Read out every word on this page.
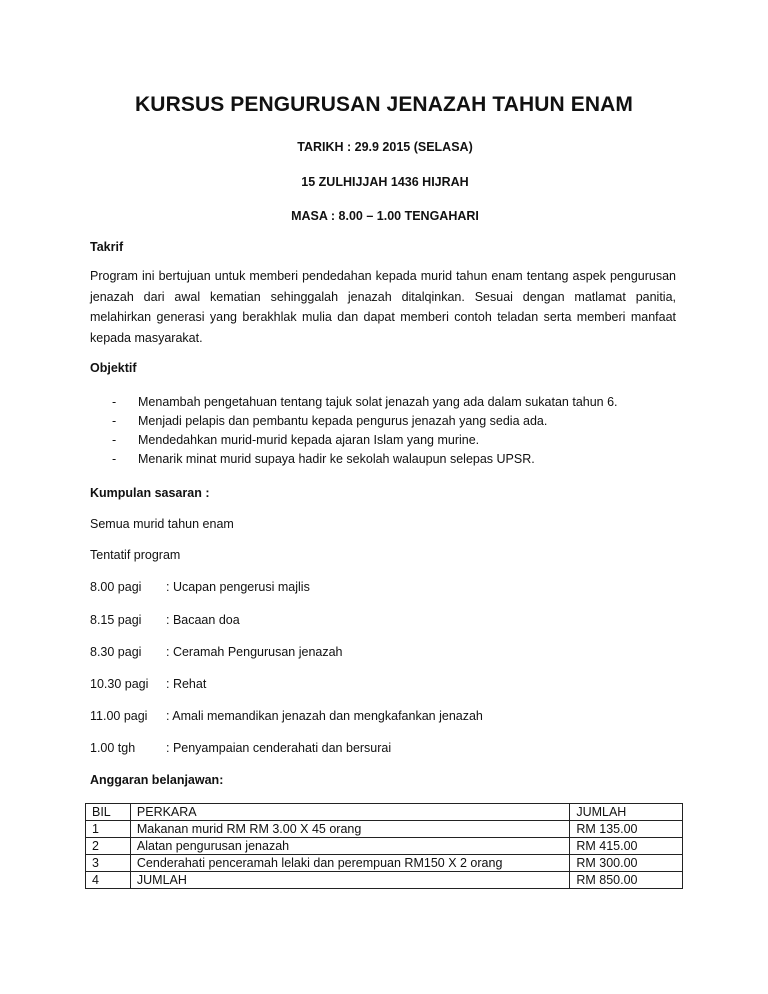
KURSUS PENGURUSAN JENAZAH TAHUN ENAM
TARIKH : 29.9 2015 (SELASA)
15 ZULHIJJAH 1436 HIJRAH
MASA : 8.00 – 1.00 TENGAHARI
Takrif
Program ini bertujuan untuk memberi pendedahan kepada murid tahun enam tentang aspek pengurusan jenazah dari awal kematian sehinggalah jenazah ditalqinkan. Sesuai dengan matlamat panitia, melahirkan generasi yang berakhlak mulia dan dapat memberi contoh teladan serta memberi manfaat kepada masyarakat.
Objektif
-	Menambah pengetahuan tentang tajuk solat jenazah yang ada dalam sukatan tahun 6.
-	Menjadi pelapis dan pembantu kepada pengurus jenazah yang sedia ada.
-	Mendedahkan murid-murid kepada ajaran Islam yang murine.
-	Menarik minat murid supaya hadir ke sekolah walaupun selepas UPSR.
Kumpulan sasaran :
Semua murid tahun enam
Tentatif program
8.00 pagi	: Ucapan pengerusi majlis
8.15 pagi	: Bacaan doa
8.30 pagi	: Ceramah Pengurusan jenazah
10.30 pagi	: Rehat
11.00 pagi	: Amali memandikan jenazah dan mengkafankan jenazah
1.00 tgh	: Penyampaian cenderahati dan bersurai
Anggaran belanjawan:
BIL	PERKARA	JUMLAH
1	Makanan murid RM RM 3.00 X 45 orang	RM 135.00
2	Alatan pengurusan jenazah	RM 415.00
3	Cenderahati penceramah lelaki dan perempuan RM150 X 2 orang	RM 300.00
4	JUMLAH	RM 850.00
